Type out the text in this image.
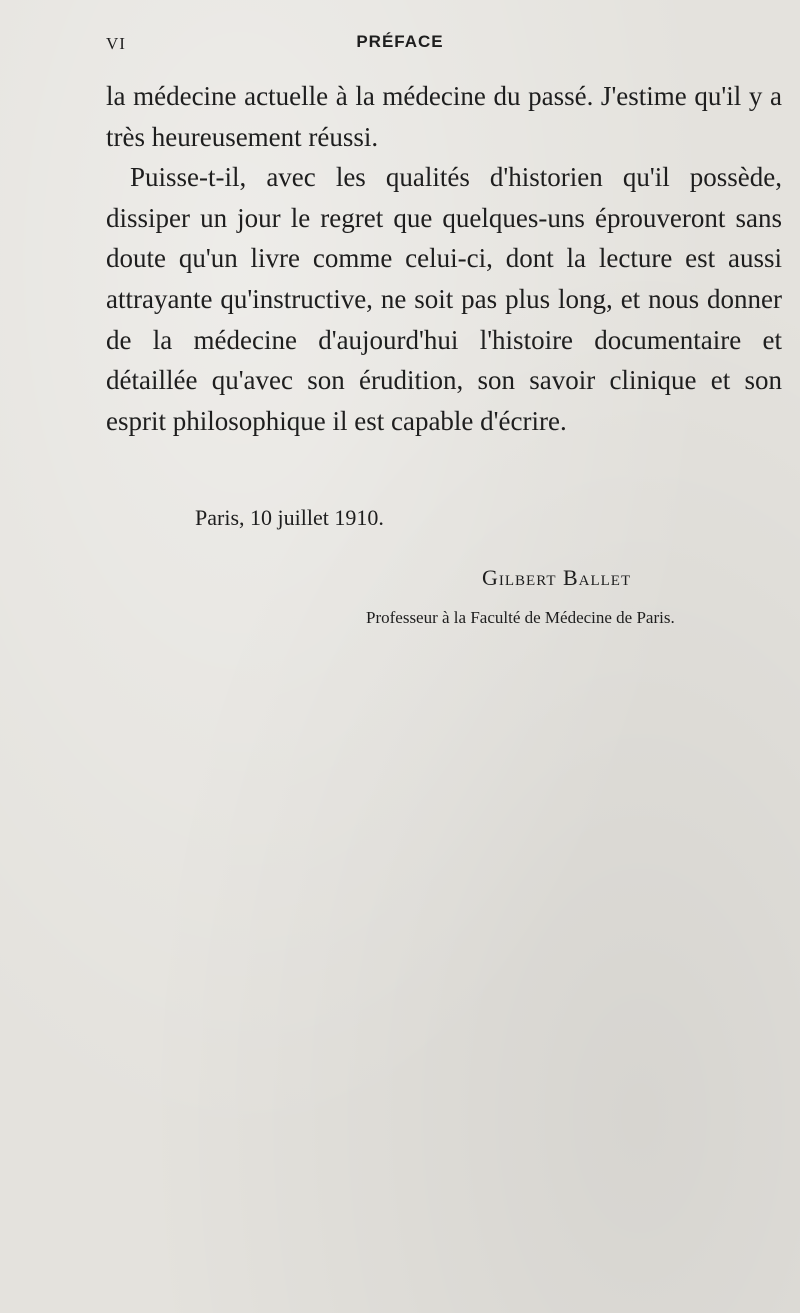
VI	PRÉFACE

la médecine actuelle à la médecine du passé. J'estime qu'il y a très heureusement réussi.

Puisse-t-il, avec les qualités d'historien qu'il possède, dissiper un jour le regret que quelques-uns éprouveront sans doute qu'un livre comme celui-ci, dont la lecture est aussi attrayante qu'instructive, ne soit pas plus long, et nous donner de la médecine d'aujourd'hui l'histoire documentaire et détaillée qu'avec son érudition, son savoir clinique et son esprit philosophique il est capable d'écrire.

Paris, 10 juillet 1910.
Gilbert Ballet
Professeur à la Faculté de Médecine de Paris.
